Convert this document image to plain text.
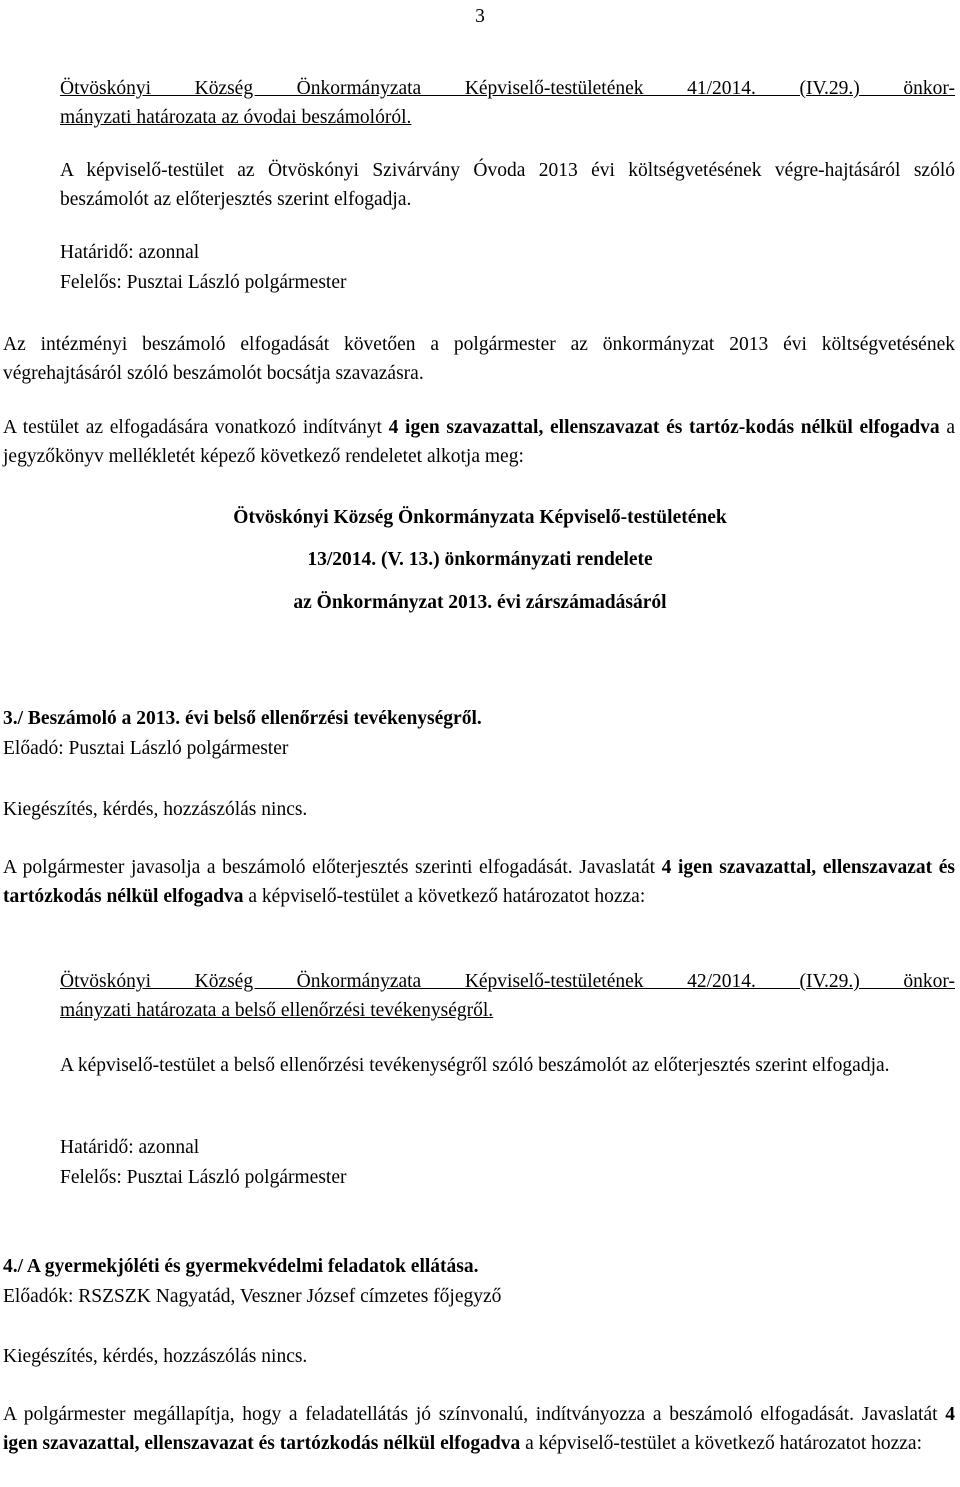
3
Ötvöskónyi Község Önkormányzata Képviselő-testületének 41/2014. (IV.29.) önkor-
mányzati határozata az óvodai beszámolóról.
A képviselő-testület az Ötvöskónyi Szivárvány Óvoda 2013 évi költségvetésének végre-hajtásáról szóló beszámolót az előterjesztés szerint elfogadja.
Határidő: azonnal
Felelős: Pusztai László polgármester
Az intézményi beszámoló elfogadását követően a polgármester az önkormányzat 2013 évi költségvetésének végrehajtásáról szóló beszámolót bocsátja szavazásra.
A testület az elfogadására vonatkozó indítványt 4 igen szavazattal, ellenszavazat és tartóz-kodás nélkül elfogadva a jegyzőkönyv mellékletét képező következő rendeletet alkotja meg:
Ötvöskónyi Község Önkormányzata Képviselő-testületének
13/2014. (V. 13.) önkormányzati rendelete
az Önkormányzat 2013. évi zárszámadásáról
3./ Beszámoló a 2013. évi belső ellenőrzési tevékenységről.
Előadó: Pusztai László polgármester
Kiegészítés, kérdés, hozzászólás nincs.
A polgármester javasolja a beszámoló előterjesztés szerinti elfogadását. Javaslatát 4 igen szavazattal, ellenszavazat és tartózkodás nélkül elfogadva a képviselő-testület a következő határozatot hozza:
Ötvöskónyi Község Önkormányzata Képviselő-testületének 42/2014. (IV.29.) önkor-
mányzati határozata a belső ellenőrzési tevékenységről.
A képviselő-testület a belső ellenőrzési tevékenységről szóló beszámolót az előterjesztés szerint elfogadja.
Határidő: azonnal
Felelős: Pusztai László polgármester
4./ A gyermekjóléti és gyermekvédelmi feladatok ellátása.
Előadók: RSZSZK Nagyatád, Veszner József címzetes főjegyző
Kiegészítés, kérdés, hozzászólás nincs.
A polgármester megállapítja, hogy a feladatellátás jó színvonalú, indítványozza a beszámoló elfogadását. Javaslatát 4 igen szavazattal, ellenszavazat és tartózkodás nélkül elfogadva a képviselő-testület a következő határozatot hozza:
